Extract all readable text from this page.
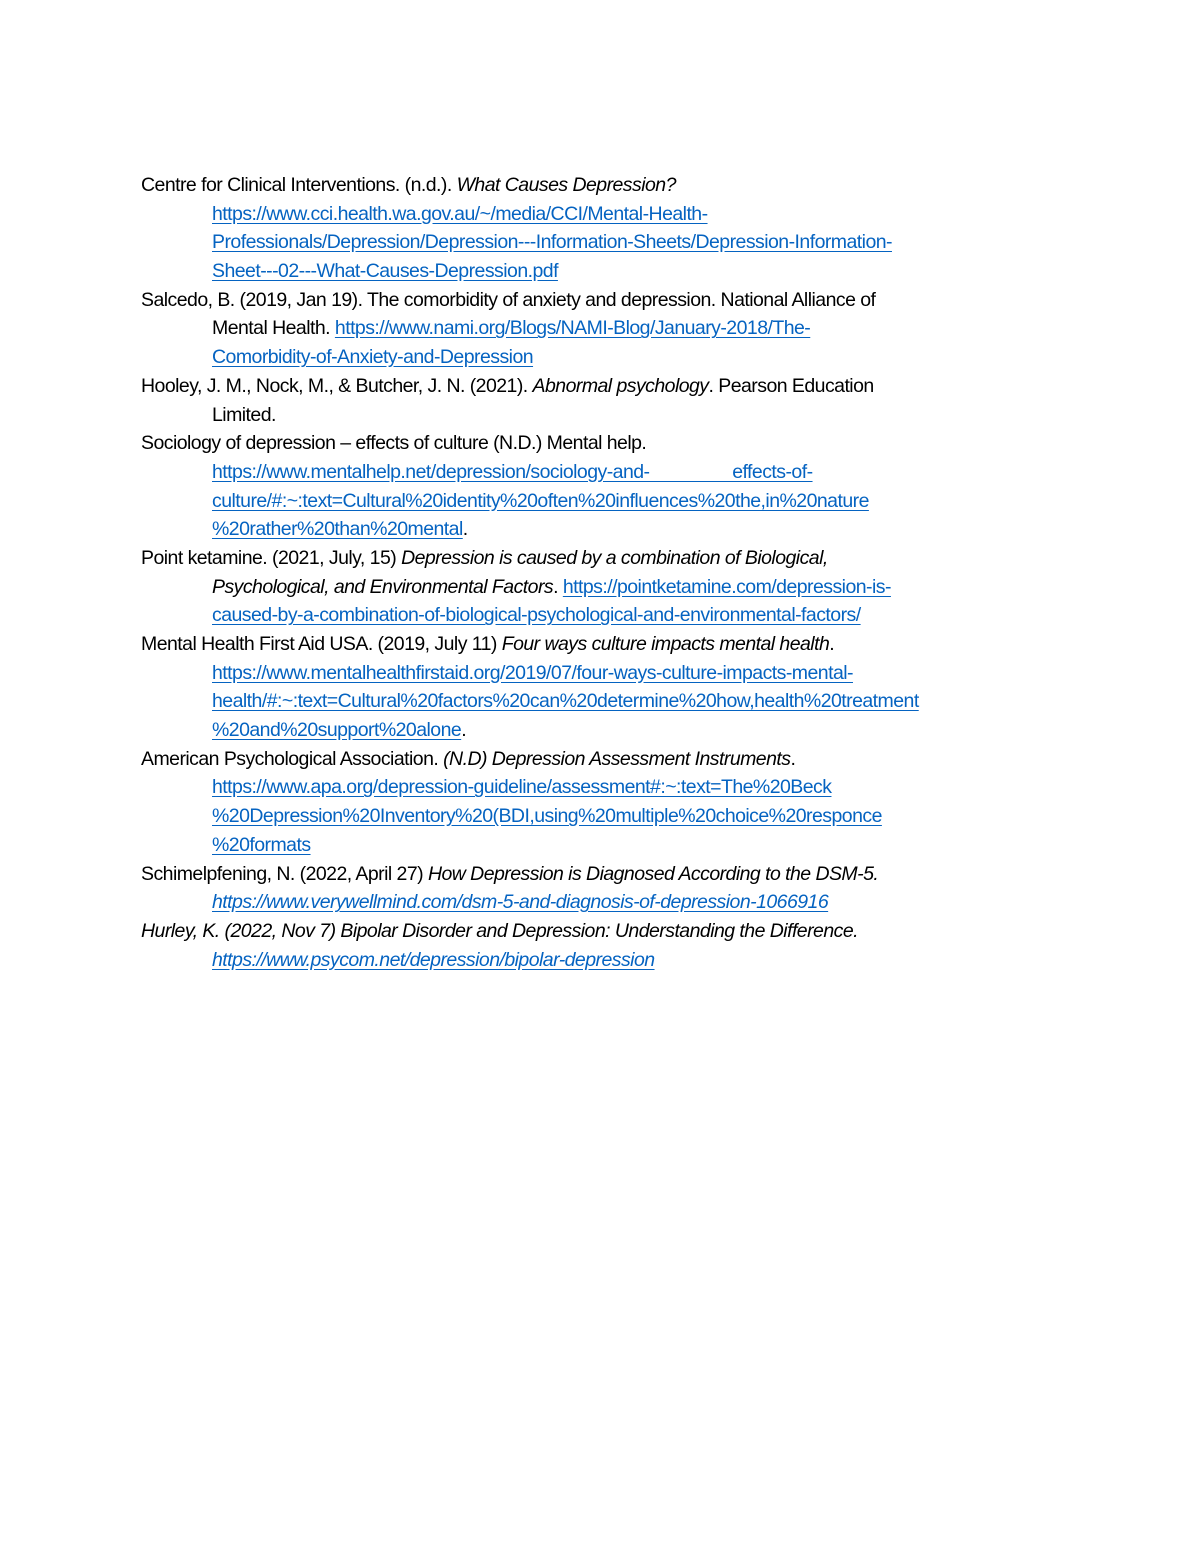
Centre for Clinical Interventions. (n.d.). What Causes Depression?
https://www.cci.health.wa.gov.au/~/media/CCI/Mental-Health-
Professionals/Depression/Depression---Information-Sheets/Depression-Information-
Sheet---02---What-Causes-Depression.pdf
Salcedo, B. (2019, Jan 19). The comorbidity of anxiety and depression. National Alliance of
Mental Health. https://www.nami.org/Blogs/NAMI-Blog/January-2018/The-
Comorbidity-of-Anxiety-and-Depression
Hooley, J. M., Nock, M., & Butcher, J. N. (2021). Abnormal psychology. Pearson Education
Limited.
Sociology of depression – effects of culture (N.D.) Mental help.
https://www.mentalhelp.net/depression/sociology-and-                 effects-of-
culture/#:~:text=Cultural%20identity%20often%20influences%20the,in%20nature
%20rather%20than%20mental.
Point ketamine. (2021, July, 15) Depression is caused by a combination of Biological,
Psychological, and Environmental Factors. https://pointketamine.com/depression-is-
caused-by-a-combination-of-biological-psychological-and-environmental-factors/
Mental Health First Aid USA. (2019, July 11) Four ways culture impacts mental health.
https://www.mentalhealthfirstaid.org/2019/07/four-ways-culture-impacts-mental-
health/#:~:text=Cultural%20factors%20can%20determine%20how,health%20treatment
%20and%20support%20alone.
American Psychological Association. (N.D) Depression Assessment Instruments.
https://www.apa.org/depression-guideline/assessment#:~:text=The%20Beck
%20Depression%20Inventory%20(BDI,using%20multiple%20choice%20responce
%20formats
Schimelpfening, N. (2022, April 27) How Depression is Diagnosed According to the DSM-5.
https://www.verywellmind.com/dsm-5-and-diagnosis-of-depression-1066916
Hurley, K. (2022, Nov 7) Bipolar Disorder and Depression: Understanding the Difference.
https://www.psycom.net/depression/bipolar-depression
